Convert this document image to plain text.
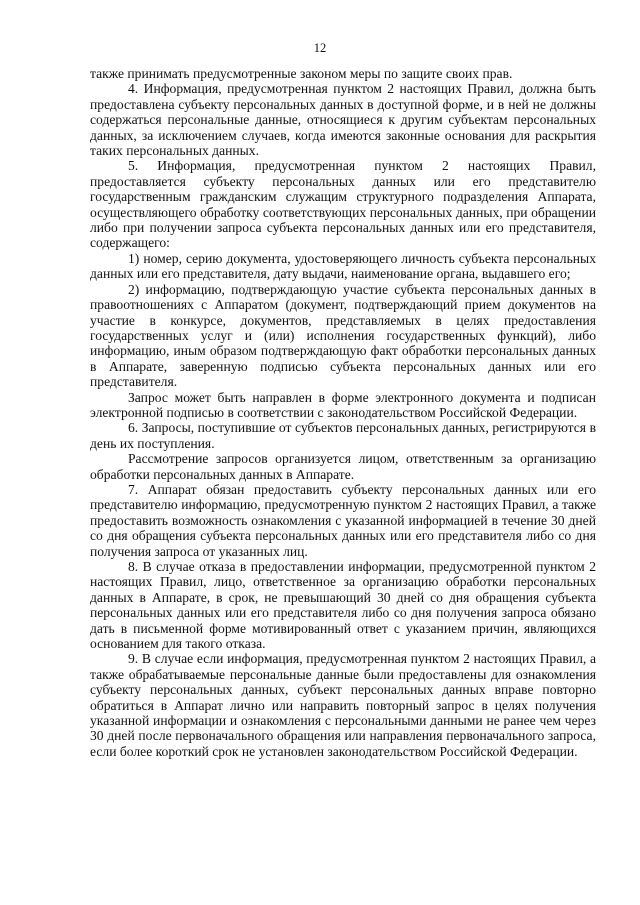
12

также принимать предусмотренные законом меры по защите своих прав.

4. Информация, предусмотренная пунктом 2 настоящих Правил, должна быть предоставлена субъекту персональных данных в доступной форме, и в ней не должны содержаться персональные данные, относящиеся к другим субъектам персональных данных, за исключением случаев, когда имеются законные основания для раскрытия таких персональных данных.

5. Информация, предусмотренная пунктом 2 настоящих Правил, предоставляется субъекту персональных данных или его представителю государственным гражданским служащим структурного подразделения Аппарата, осуществляющего обработку соответствующих персональных данных, при обращении либо при получении запроса субъекта персональных данных или его представителя, содержащего:

1) номер, серию документа, удостоверяющего личность субъекта персональных данных или его представителя, дату выдачи, наименование органа, выдавшего его;

2) информацию, подтверждающую участие субъекта персональных данных в правоотношениях с Аппаратом (документ, подтверждающий прием документов на участие в конкурсе, документов, представляемых в целях предоставления государственных услуг и (или) исполнения государственных функций), либо информацию, иным образом подтверждающую факт обработки персональных данных в Аппарате, заверенную подписью субъекта персональных данных или его представителя.

Запрос может быть направлен в форме электронного документа и подписан электронной подписью в соответствии с законодательством Российской Федерации.

6. Запросы, поступившие от субъектов персональных данных, регистрируются в день их поступления.

Рассмотрение запросов организуется лицом, ответственным за организацию обработки персональных данных в Аппарате.

7. Аппарат обязан предоставить субъекту персональных данных или его представителю информацию, предусмотренную пунктом 2 настоящих Правил, а также предоставить возможность ознакомления с указанной информацией в течение 30 дней со дня обращения субъекта персональных данных или его представителя либо со дня получения запроса от указанных лиц.

8. В случае отказа в предоставлении информации, предусмотренной пунктом 2 настоящих Правил, лицо, ответственное за организацию обработки персональных данных в Аппарате, в срок, не превышающий 30 дней со дня обращения субъекта персональных данных или его представителя либо со дня получения запроса обязано дать в письменной форме мотивированный ответ с указанием причин, являющихся основанием для такого отказа.

9. В случае если информация, предусмотренная пунктом 2 настоящих Правил, а также обрабатываемые персональные данные были предоставлены для ознакомления субъекту персональных данных, субъект персональных данных вправе повторно обратиться в Аппарат лично или направить повторный запрос в целях получения указанной информации и ознакомления с персональными данными не ранее чем через 30 дней после первоначального обращения или направления первоначального запроса, если более короткий срок не установлен законодательством Российской Федерации.
